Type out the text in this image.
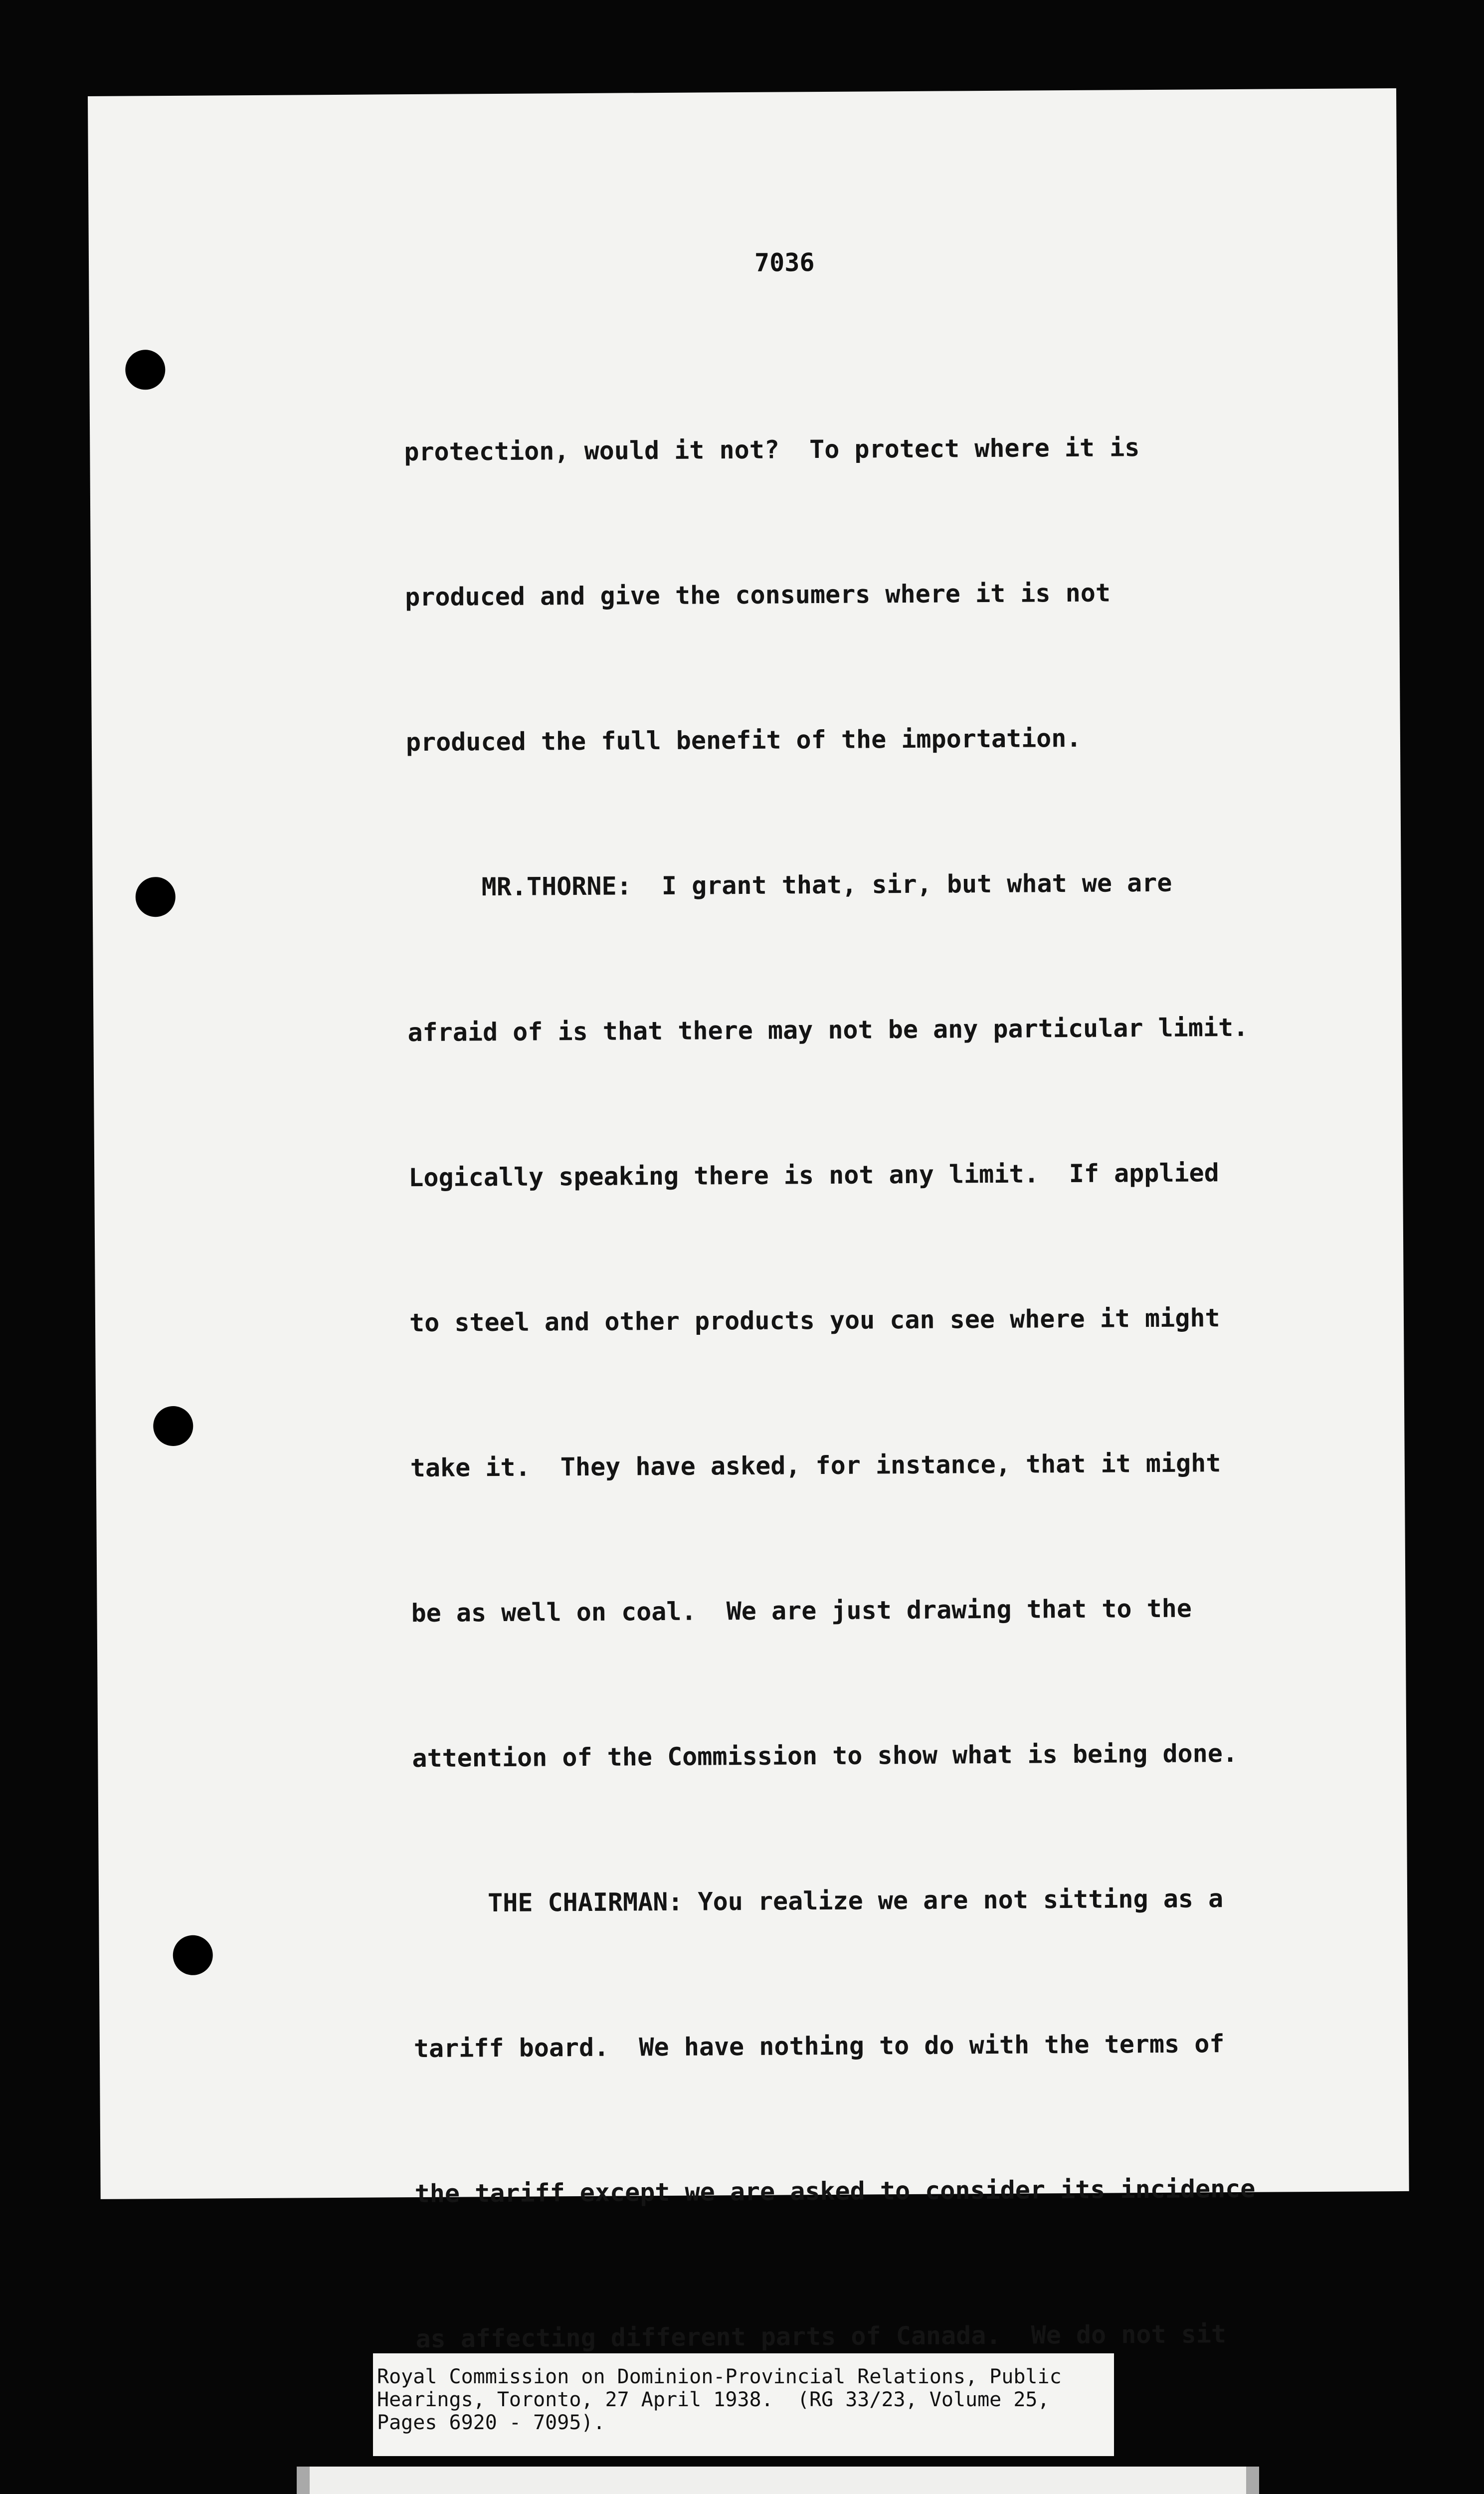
7036

protection, would it not?  To protect where it is

produced and give the consumers where it is not

produced the full benefit of the importation.

MR.THORNE:  I grant that, sir, but what we are

afraid of is that there may not be any particular limit.

Logically speaking there is not any limit.  If applied

to steel and other products you can see where it might

take it.  They have asked, for instance, that it might

be as well on coal.  We are just drawing that to the

attention of the Commission to show what is being done.

THE CHAIRMAN: You realize we are not sitting as a

tariff board.  We have nothing to do with the terms of

the tariff except we are asked to consider its incidence

as affecting different parts of Canada.  We do not sit

Royal Commission on Dominion-Provincial Relations, Public
Hearings, Toronto, 27 April 1938.  (RG 33/23, Volume 25,
Pages 6920 - 7095).
